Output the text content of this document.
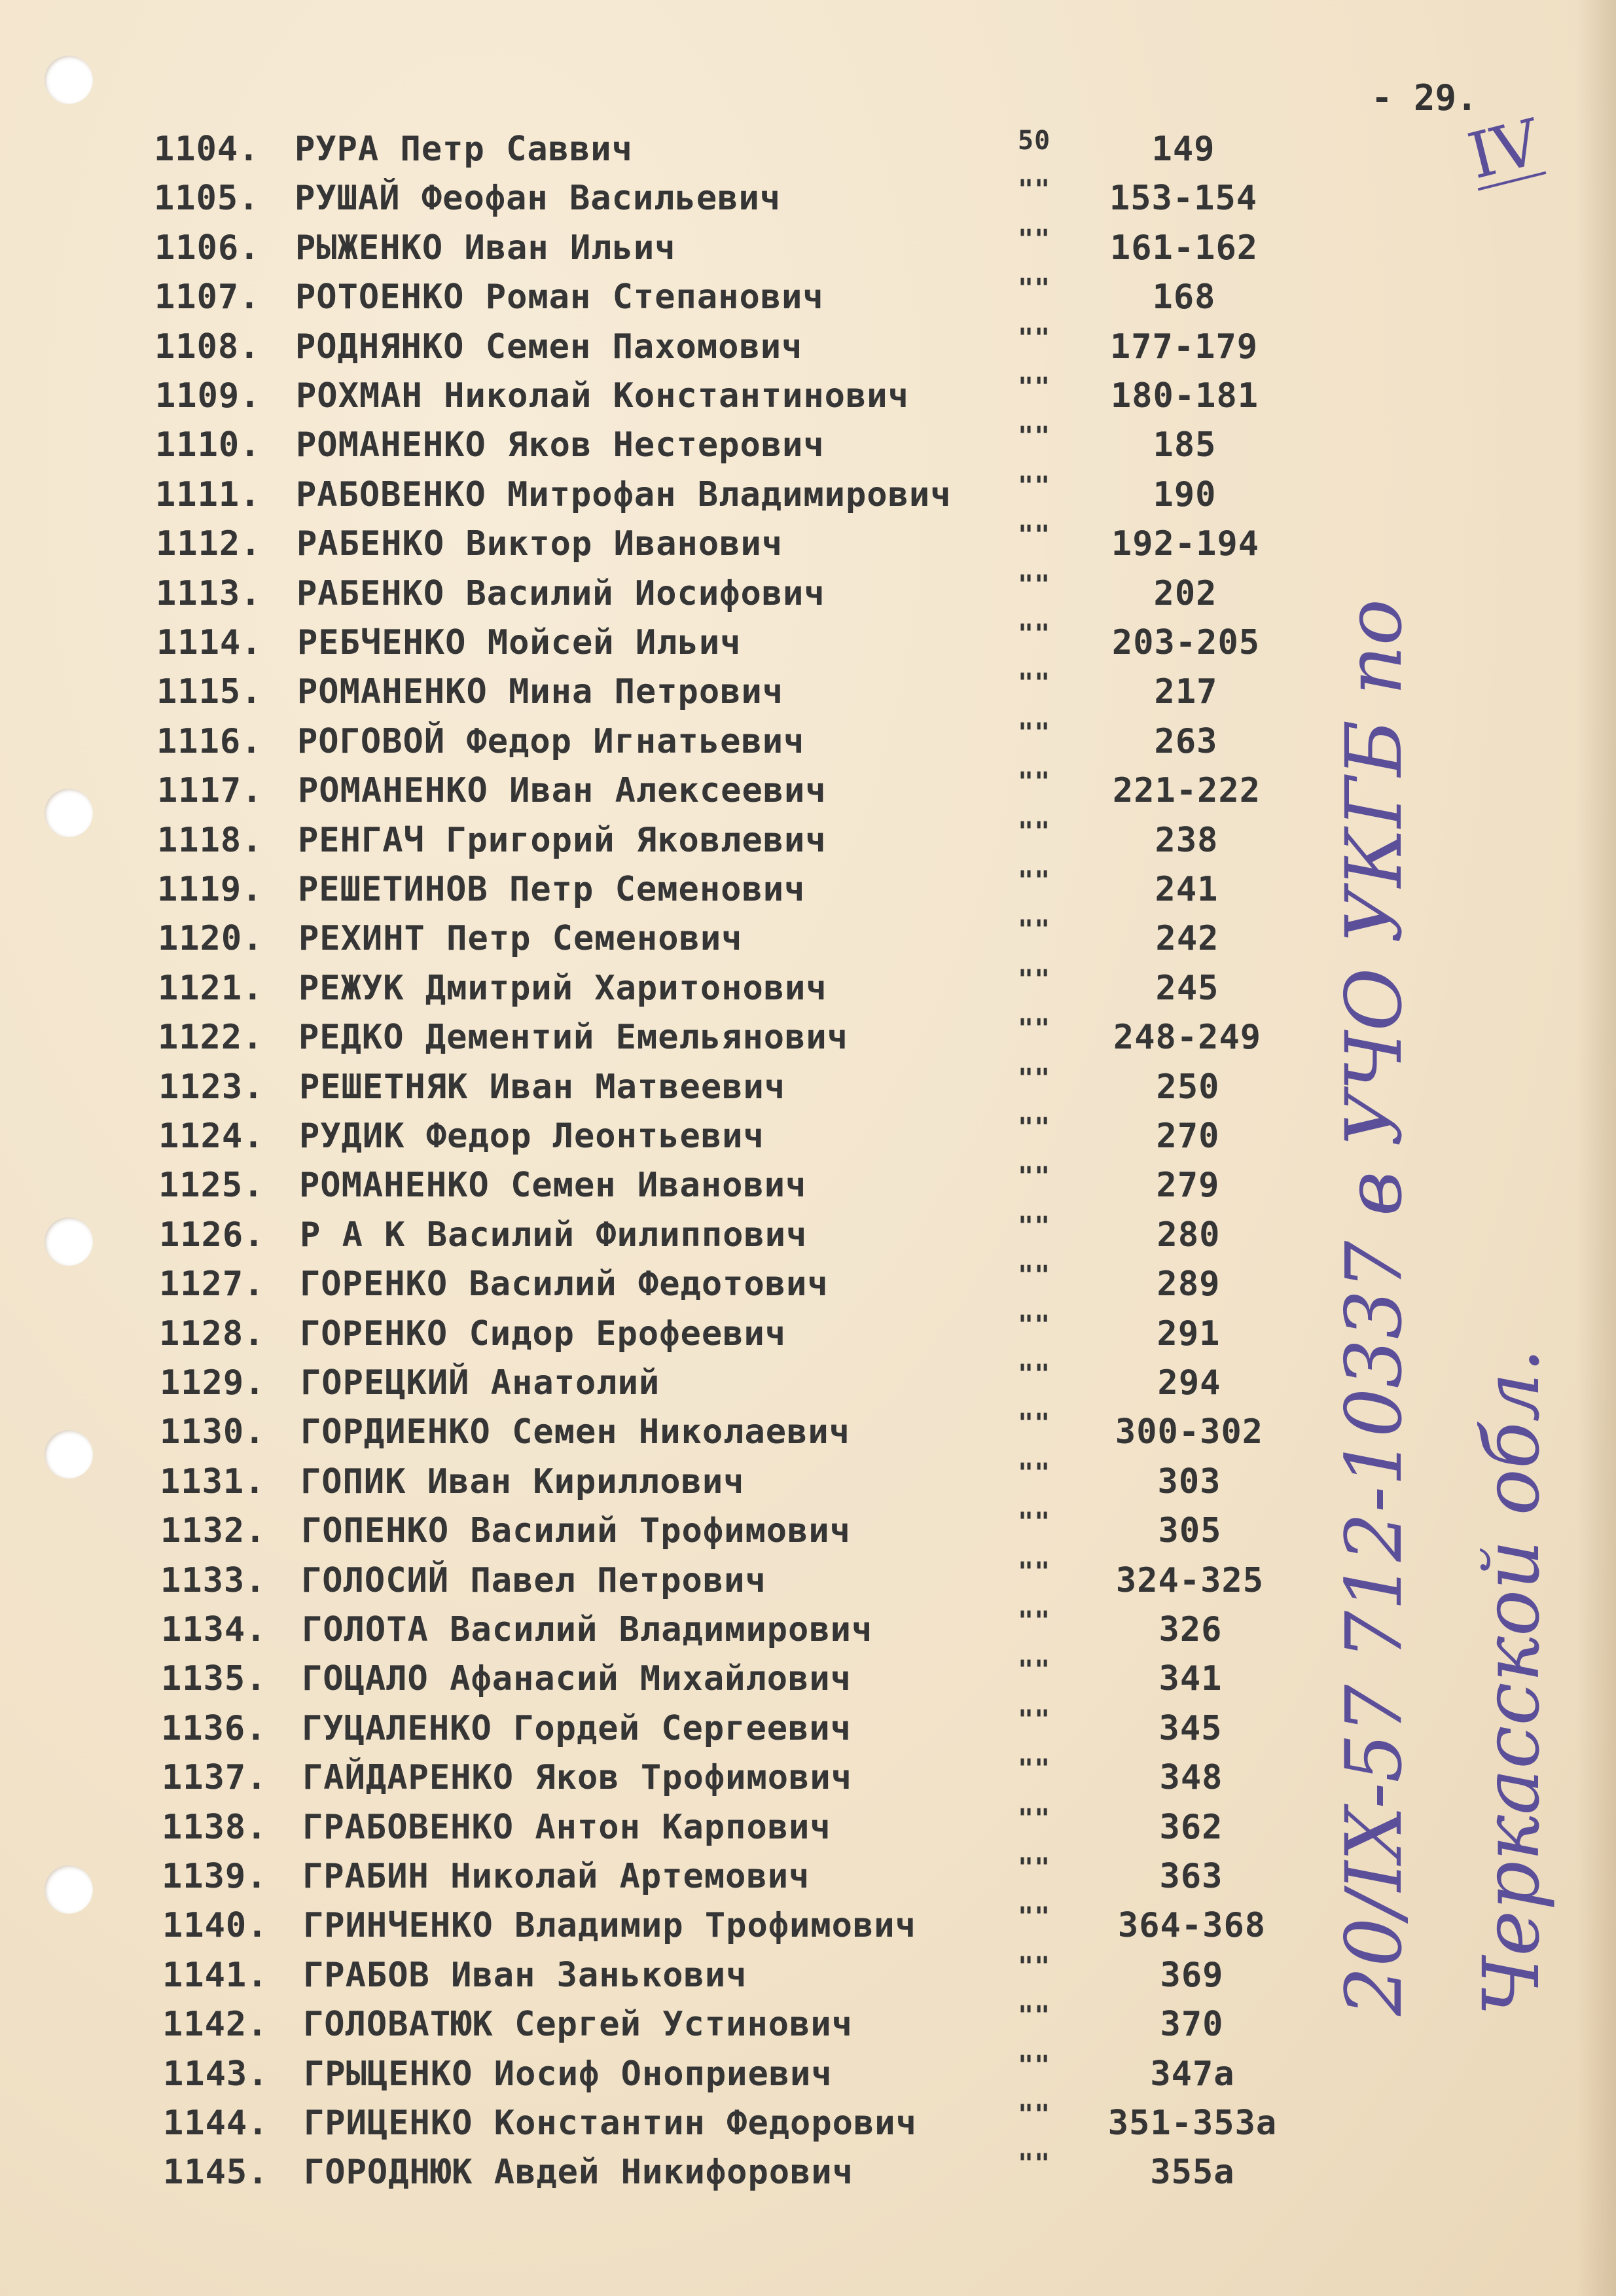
- 29.
IV
1104. РУРА Петр Саввич	50	149
1105. РУШАЙ Феофан Васильевич	""	153-154
1106. РЫЖЕНКО Иван Ильич	""	161-162
1107. РОТОЕНКО Роман Степанович	""	168
1108. РОДНЯНКО Семен Пахомович	""	177-179
1109. РОХМАН Николай Константинович	""	180-181
1110. РОМАНЕНКО Яков Нестерович	""	185
1111. РАБОВЕНКО Митрофан Владимирович	""	190
1112. РАБЕНКО Виктор Иванович	""	192-194
1113. РАБЕНКО Василий Иосифович	""	202
1114. РЕБЧЕНКО Мойсей Ильич	""	203-205
1115. РОМАНЕНКО Мина Петрович	""	217
1116. РОГОВОЙ Федор Игнатьевич	""	263
1117. РОМАНЕНКО Иван Алексеевич	""	221-222
1118. РЕНГАЧ Григорий Яковлевич	""	238
1119. РЕШЕТИНОВ Петр Семенович	""	241
1120. РЕХИНТ Петр Семенович	""	242
1121. РЕЖУК Дмитрий Харитонович	""	245
1122. РЕДКО Дементий Емельянович	""	248-249
1123. РЕШЕТНЯК Иван Матвеевич	""	250
1124. РУДИК Федор Леонтьевич	""	270
1125. РОМАНЕНКО Семен Иванович	""	279
1126. Р А К Василий Филиппович	""	280
1127. ГОРЕНКО Василий Федотович	""	289
1128. ГОРЕНКО Сидор Ерофеевич	""	291
1129. ГОРЕЦКИЙ Анатолий	""	294
1130. ГОРДИЕНКО Семен Николаевич	""	300-302
1131. ГОПИК Иван Кириллович	""	303
1132. ГОПЕНКО Василий Трофимович	""	305
1133. ГОЛОСИЙ Павел Петрович	""	324-325
1134. ГОЛОТА Василий Владимирович	""	326
1135. ГОЦАЛО Афанасий Михайлович	""	341
1136. ГУЦАЛЕНКО Гордей Сергеевич	""	345
1137. ГАЙДАРЕНКО Яков Трофимович	""	348
1138. ГРАБОВЕНКО Антон Карпович	""	362
1139. ГРАБИН Николай Артемович	""	363
1140. ГРИНЧЕНКО Владимир Трофимович	""	364-368
1141. ГРАБОВ Иван Занькович	""	369
1142. ГОЛОВАТЮК Сергей Устинович	""	370
1143. ГРЫЦЕНКО Иосиф Оноприевич	""	347а
1144. ГРИЦЕНКО Константин Федорович	"" 351-353а
1145. ГОРОДНЮК Авдей Никифорович	""	355а
20/IX-57 712-10337 в УЧО УКГБ по Черкасской обл.
